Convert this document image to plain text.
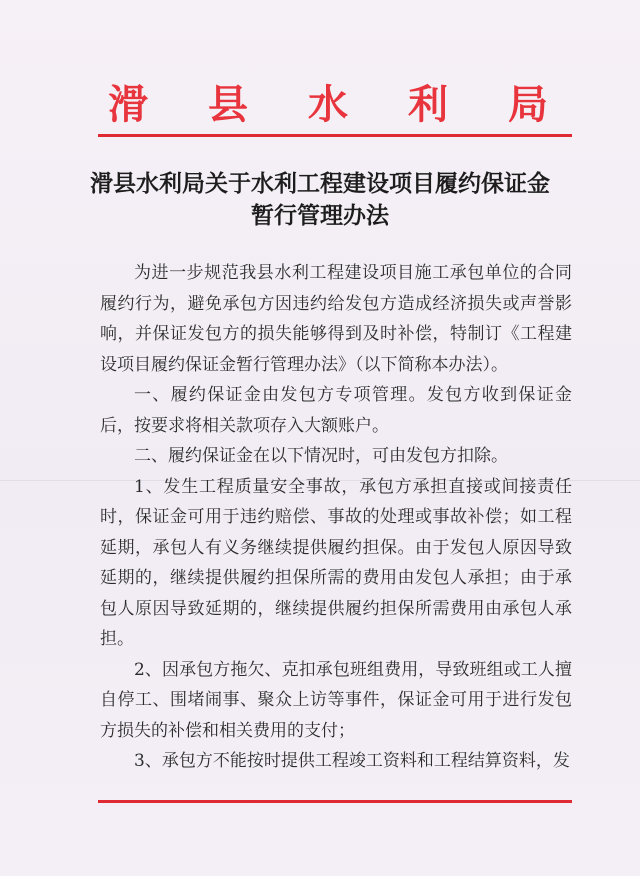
滑 县 水 利 局
滑县水利局关于水利工程建设项目履约保证金
暂行管理办法

为进一步规范我县水利工程建设项目施工承包单位的合同履约行为，避免承包方因违约给发包方造成经济损失或声誉影响，并保证发包方的损失能够得到及时补偿，特制订《工程建设项目履约保证金暂行管理办法》（以下简称本办法）。

一、履约保证金由发包方专项管理。发包方收到保证金后，按要求将相关款项存入大额账户。

二、履约保证金在以下情况时，可由发包方扣除。

1、发生工程质量安全事故，承包方承担直接或间接责任时，保证金可用于违约赔偿、事故的处理或事故补偿；如工程延期，承包人有义务继续提供履约担保。由于发包人原因导致延期的，继续提供履约担保所需的费用由发包人承担；由于承包人原因导致延期的，继续提供履约担保所需费用由承包人承担。

2、因承包方拖欠、克扣承包班组费用，导致班组或工人擅自停工、围堵闹事、聚众上访等事件，保证金可用于进行发包方损失的补偿和相关费用的支付；

3、承包方不能按时提供工程竣工资料和工程结算资料，发
